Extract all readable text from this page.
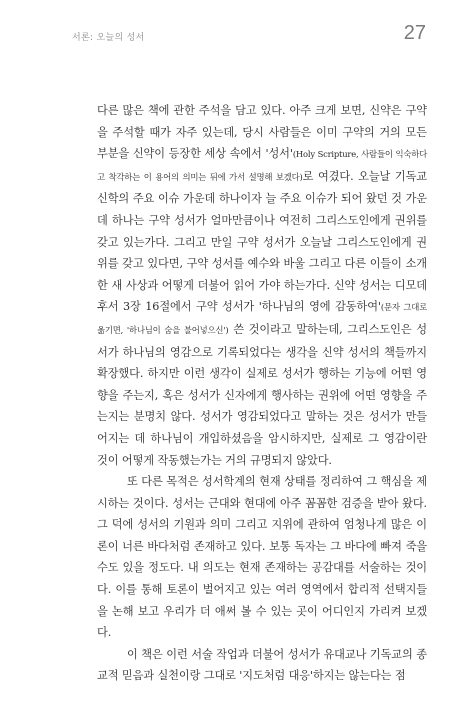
서론: 오늘의 성서	27

다른 많은 책에 관한 주석을 담고 있다. 아주 크게 보면, 신약은 구약을 주석할 때가 자주 있는데, 당시 사람들은 이미 구약의 거의 모든 부분을 신약이 등장한 세상 속에서 '성서'(Holy Scripture, 사람들이 익숙하다고 착각하는 이 용어의 의미는 뒤에 가서 설명해 보겠다)로 여겼다. 오늘날 기독교 신학의 주요 이슈 가운데 하나이자 늘 주요 이슈가 되어 왔던 것 가운데 하나는 구약 성서가 얼마만큼이나 여전히 그리스도인에게 권위를 갖고 있는가다. 그리고 만일 구약 성서가 오늘날 그리스도인에게 권위를 갖고 있다면, 구약 성서를 예수와 바울 그리고 다른 이들이 소개한 새 사상과 어떻게 더불어 읽어 가야 하는가다. 신약 성서는 디모데후서 3장 16절에서 구약 성서가 '하나님의 영에 감동하여'(문자 그대로 옮기면, '하나님이 숨을 불어넣으신') 쓴 것이라고 말하는데, 그리스도인은 성서가 하나님의 영감으로 기록되었다는 생각을 신약 성서의 책들까지 확장했다. 하지만 이런 생각이 실제로 성서가 행하는 기능에 어떤 영향을 주는지, 혹은 성서가 신자에게 행사하는 권위에 어떤 영향을 주는지는 분명치 않다. 성서가 영감되었다고 말하는 것은 성서가 만들어지는 데 하나님이 개입하셨음을 암시하지만, 실제로 그 영감이란 것이 어떻게 작동했는가는 거의 규명되지 않았다.

또 다른 목적은 성서학계의 현재 상태를 정리하여 그 핵심을 제시하는 것이다. 성서는 근대와 현대에 아주 꼼꼼한 검증을 받아 왔다. 그 덕에 성서의 기원과 의미 그리고 지위에 관하여 엄청나게 많은 이론이 너른 바다처럼 존재하고 있다. 보통 독자는 그 바다에 빠져 죽을 수도 있을 정도다. 내 의도는 현재 존재하는 공감대를 서술하는 것이다. 이를 통해 토론이 벌어지고 있는 여러 영역에서 합리적 선택지들을 논해 보고 우리가 더 애써 볼 수 있는 곳이 어디인지 가리켜 보겠다.

이 책은 이런 서술 작업과 더불어 성서가 유대교나 기독교의 종교적 믿음과 실천이랑 그대로 '지도처럼 대응'하지는 않는다는 점
